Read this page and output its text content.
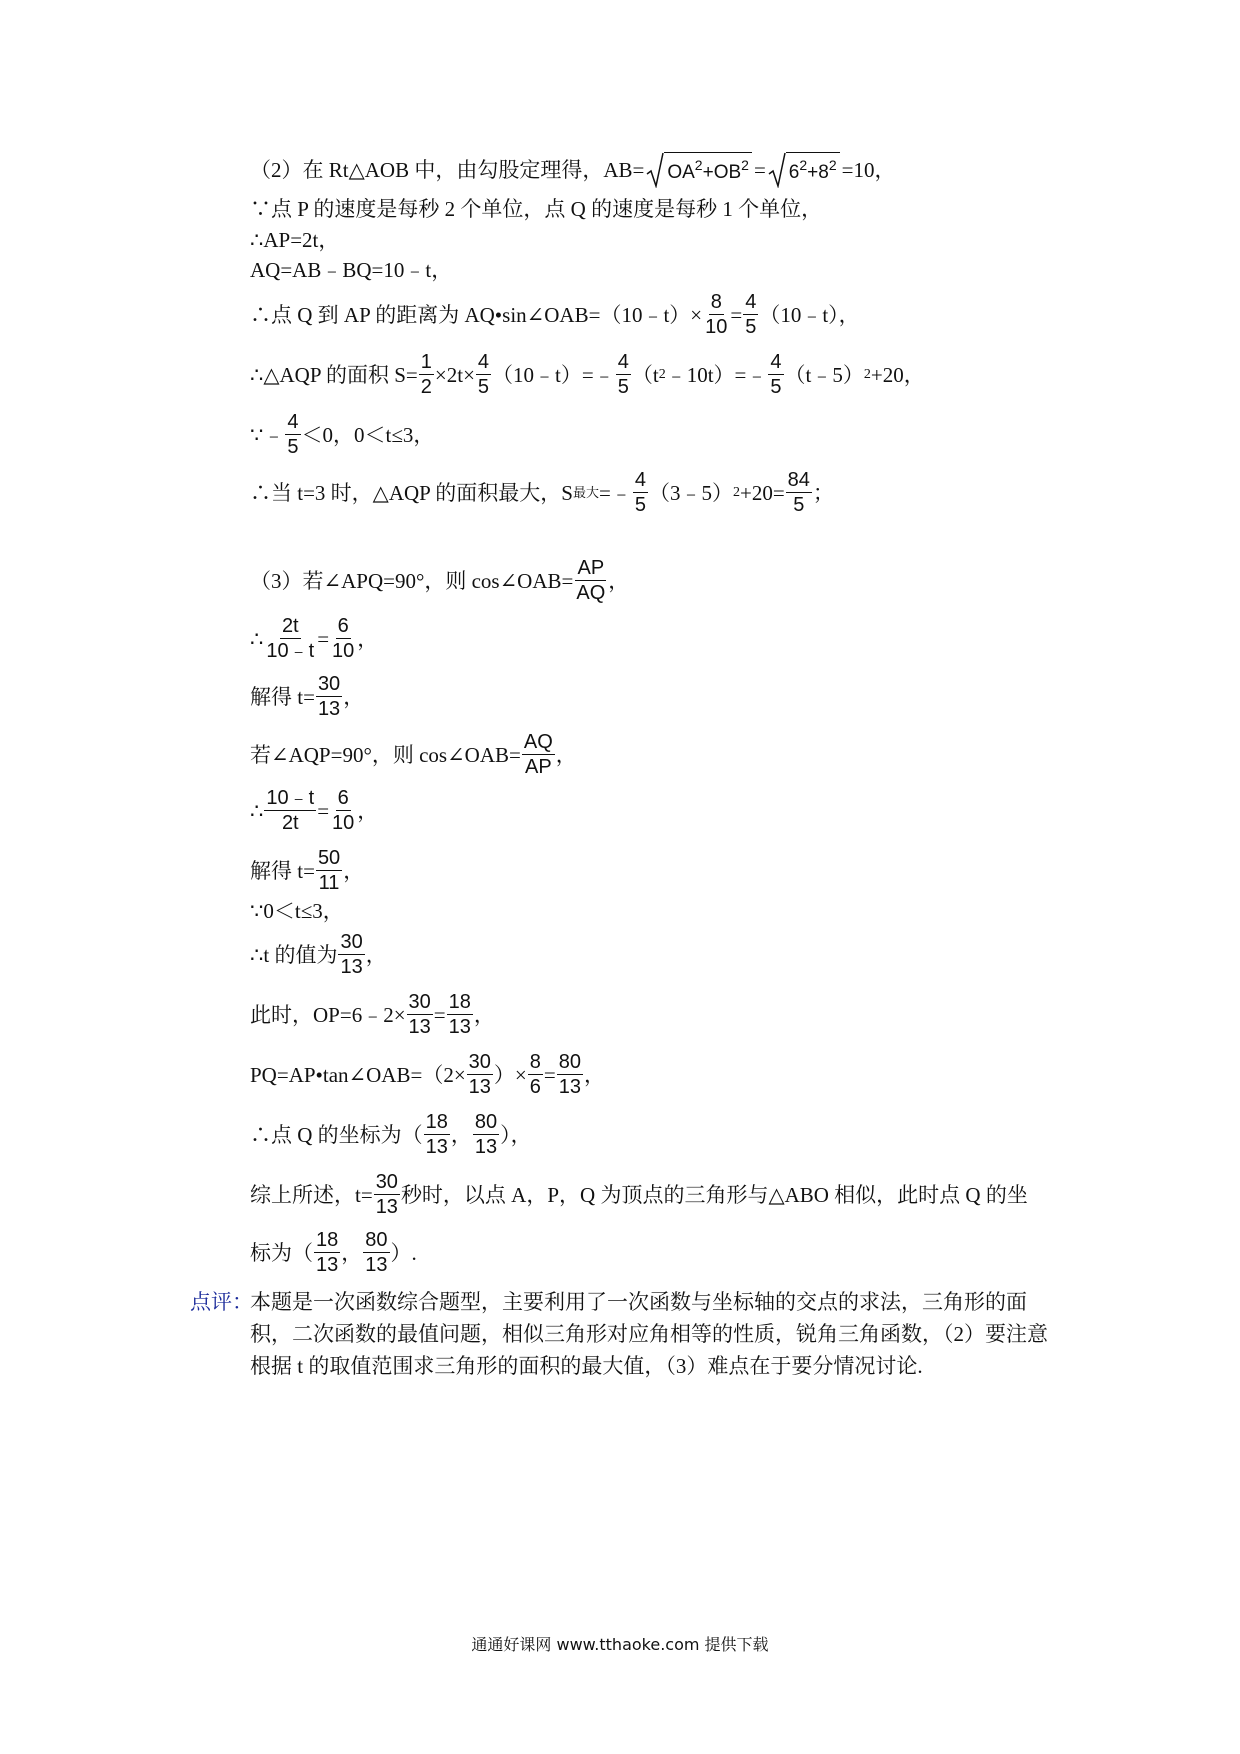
（2）在 Rt△AOB 中，由勾股定理得，$AB= OA^2+OB^2 = 6^2+8^2 =10$，
∵点 P 的速度是每秒 2 个单位，点 Q 的速度是每秒 1 个单位，
∴AP=2t，
AQ=AB﹣BQ=10﹣t，
∴点 Q 到 AP 的距离为 AQ•sin∠OAB=（10﹣t）× $\frac{8}{10} = \frac{4}{5}$ （10﹣t），
∴△AQP 的面积 $S= \frac{1}{2} \times 2t\times \frac{4}{5}$ （10﹣t）=﹣ $\frac{4}{5} (t$ 2 ﹣10t）=﹣ $\frac{4}{5}$ （t﹣5） 2 +20，
∵﹣ $\frac{4}{5} <0$，0＜t≤3，
∴当 t=3 时，△AQP 的面积最大，S 最大 =﹣ $\frac{4}{5}$ （3﹣5） $2 +20= \frac{84}{5}$ ；
（3）若∠APQ=90°，则 cos∠OAB= $\frac{AP}{AQ}$ ，
∴ $\frac{2t}{10﹣t} = \frac{6}{10}$ ，
解得 $t= \frac{30}{13}$ ，
若∠AQP=90°，则 cos∠OAB= $\frac{AQ}{AP}$ ，
∴ $\frac{10﹣t}{2t} = \frac{6}{10}$ ，
解得 $t= \frac{50}{11}$ ，
∵0＜t≤3，
∴t 的值为 $\frac{30}{13}$ ，
此时，OP=6﹣2× $\frac{30}{13} = \frac{18}{13}$ ，
PQ=AP•tan∠OAB=（2× $\frac{30}{13}$ ）× $\frac{8}{6} = \frac{80}{13}$ ，
∴点 Q 的坐标为（ $\frac{18}{13}$ ， $\frac{80}{13}$ ），
综上所述，$t= \frac{30}{13}$ 秒时，以点 A，P，Q 为顶点的三角形与△ABO 相似，此时点 Q 的坐
标为（ $\frac{18}{13}$ ， $\frac{80}{13}$ ）.
点评：
本题是一次函数综合题型，主要利用了一次函数与坐标轴的交点的求法，三角形的面积，二次函数的最值问题，相似三角形对应角相等的性质，锐角三角函数，（2）要注意根据 t 的取值范围求三角形的面积的最大值，（3）难点在于要分情况讨论.
通通好课网 www.tthaoke.com 提供下载
